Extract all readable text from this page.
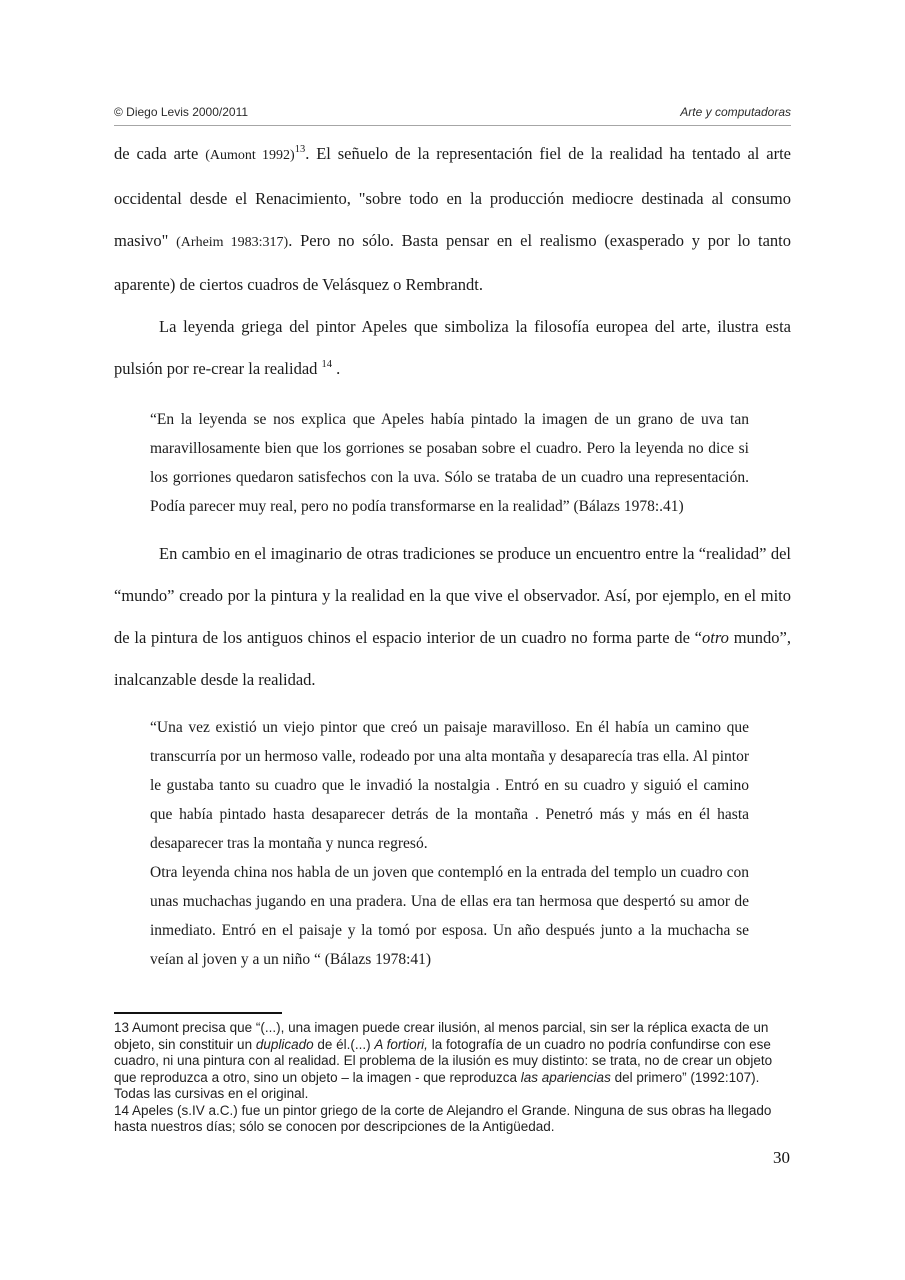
© Diego Levis 2000/2011	Arte y computadoras

de cada arte (Aumont 1992)$^{13}$. El señuelo de la representación fiel de la realidad ha tentado al arte occidental desde el Renacimiento, "sobre todo en la producción mediocre destinada al consumo masivo" (Arheim 1983:317). Pero no sólo. Basta pensar en el realismo (exasperado y por lo tanto aparente) de ciertos cuadros de Velásquez o Rembrandt.

La leyenda griega del pintor Apeles que simboliza la filosofía europea del arte, ilustra esta pulsión por re-crear la realidad $^{14}$ .

“En la leyenda se nos explica que Apeles había pintado la imagen de un grano de uva tan maravillosamente bien que los gorriones se posaban sobre el cuadro. Pero la leyenda no dice si los gorriones quedaron satisfechos con la uva. Sólo se trataba de un cuadro una representación. Podía parecer muy real, pero no podía transformarse en la realidad” (Bálazs 1978:.41)

En cambio en el imaginario de otras tradiciones se produce un encuentro entre la “realidad” del “mundo” creado por la pintura y la realidad en la que vive el observador. Así, por ejemplo, en el mito de la pintura de los antiguos chinos el espacio interior de un cuadro no forma parte de “otro mundo”, inalcanzable desde la realidad.

“Una vez existió un viejo pintor que creó un paisaje maravilloso. En él había un camino que transcurría por un hermoso valle, rodeado por una alta montaña y desaparecía tras ella. Al pintor le gustaba tanto su cuadro que le invadió la nostalgia . Entró en su cuadro y siguió el camino que había pintado hasta desaparecer detrás de la montaña . Penetró más y más en él hasta desaparecer tras la montaña y nunca regresó.

Otra leyenda china nos habla de un joven que contempló en la entrada del templo un cuadro con unas muchachas jugando en una pradera. Una de ellas era tan hermosa que despertó su amor de inmediato. Entró en el paisaje y la tomó por esposa. Un año después junto a la muchacha se veían al joven y a un niño “ (Bálazs 1978:41)

13 Aumont precisa que “(...), una imagen puede crear ilusión, al menos parcial, sin ser la réplica exacta de un objeto, sin constituir un duplicado de él.(...) A fortiori, la fotografía de un cuadro no podría confundirse con ese cuadro, ni una pintura con al realidad. El problema de la ilusión es muy distinto: se trata, no de crear un objeto que reproduzca a otro, sino un objeto – la imagen - que reproduzca las apariencias del primero” (1992:107). Todas las cursivas en el original.

14 Apeles (s.IV a.C.) fue un pintor griego de la corte de Alejandro el Grande. Ninguna de sus obras ha llegado hasta nuestros días; sólo se conocen por descripciones de la Antigüedad.

30
